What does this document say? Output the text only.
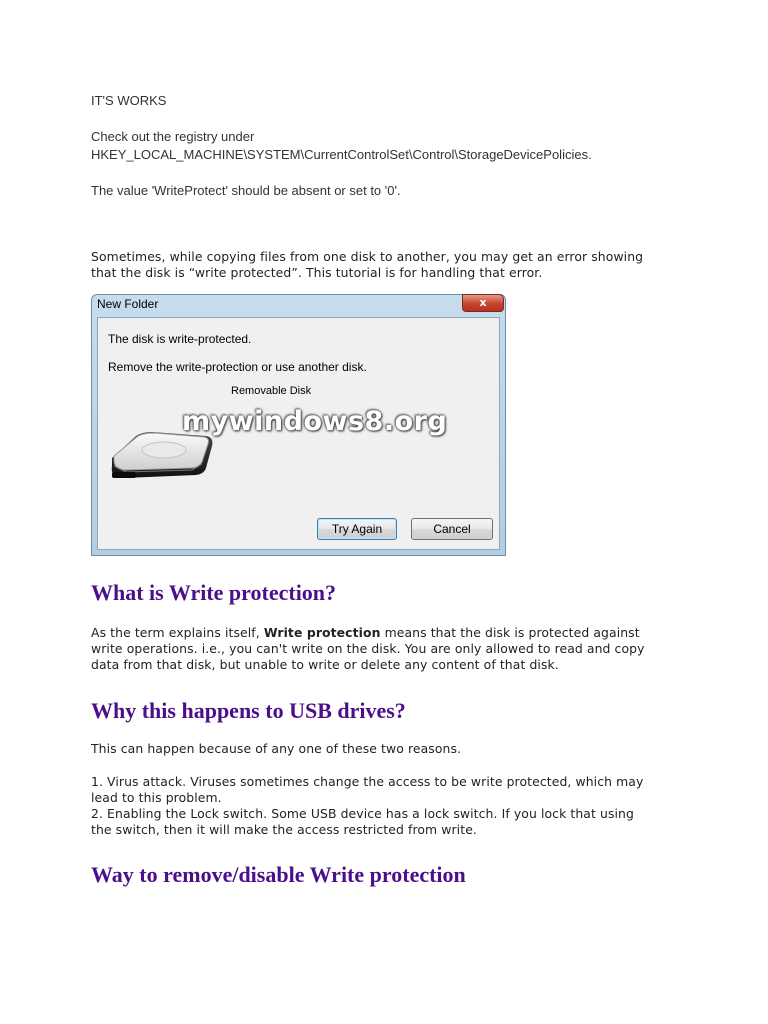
IT'S WORKS
Check out the registry under
HKEY_LOCAL_MACHINE\SYSTEM\CurrentControlSet\Control\StorageDevicePolicies.
The value 'WriteProtect' should be absent or set to '0'.
Sometimes, while copying files from one disk to another, you may get an error showing
that the disk is “write protected”. This tutorial is for handling that error.
New Folder	x
The disk is write-protected.
Remove the write-protection or use another disk.
Removable Disk
mywindows8.org
Try Again	Cancel
What is Write protection?
As the term explains itself, Write protection means that the disk is protected against
write operations. i.e., you can't write on the disk. You are only allowed to read and copy
data from that disk, but unable to write or delete any content of that disk.
Why this happens to USB drives?
This can happen because of any one of these two reasons.
1. Virus attack. Viruses sometimes change the access to be write protected, which may
lead to this problem.
2. Enabling the Lock switch. Some USB device has a lock switch. If you lock that using
the switch, then it will make the access restricted from write.
Way to remove/disable Write protection
